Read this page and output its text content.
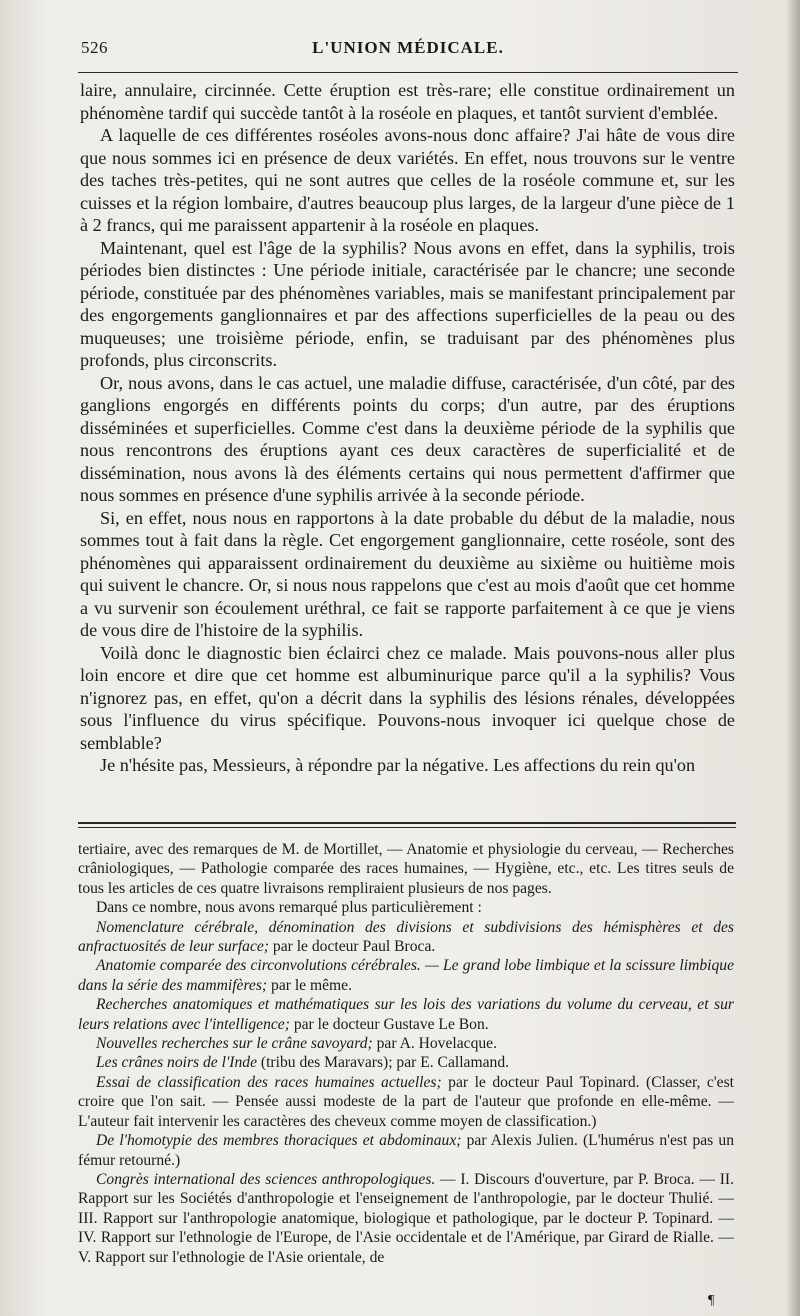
526	L'UNION MÉDICALE.

laire, annulaire, circinnée. Cette éruption est très-rare; elle constitue ordinairement un phénomène tardif qui succède tantôt à la roséole en plaques, et tantôt survient d'emblée.

A laquelle de ces différentes roséoles avons-nous donc affaire? J'ai hâte de vous dire que nous sommes ici en présence de deux variétés. En effet, nous trouvons sur le ventre des taches très-petites, qui ne sont autres que celles de la roséole commune et, sur les cuisses et la région lombaire, d'autres beaucoup plus larges, de la largeur d'une pièce de 1 à 2 francs, qui me paraissent appartenir à la roséole en plaques.

Maintenant, quel est l'âge de la syphilis? Nous avons en effet, dans la syphilis, trois périodes bien distinctes : Une période initiale, caractérisée par le chancre; une seconde période, constituée par des phénomènes variables, mais se manifestant principalement par des engorgements ganglionnaires et par des affections superficielles de la peau ou des muqueuses; une troisième période, enfin, se traduisant par des phénomènes plus profonds, plus circonscrits.

Or, nous avons, dans le cas actuel, une maladie diffuse, caractérisée, d'un côté, par des ganglions engorgés en différents points du corps; d'un autre, par des éruptions disséminées et superficielles. Comme c'est dans la deuxième période de la syphilis que nous rencontrons des éruptions ayant ces deux caractères de superficialité et de dissémination, nous avons là des éléments certains qui nous permettent d'affirmer que nous sommes en présence d'une syphilis arrivée à la seconde période.

Si, en effet, nous nous en rapportons à la date probable du début de la maladie, nous sommes tout à fait dans la règle. Cet engorgement ganglionnaire, cette roséole, sont des phénomènes qui apparaissent ordinairement du deuxième au sixième ou huitième mois qui suivent le chancre. Or, si nous nous rappelons que c'est au mois d'août que cet homme a vu survenir son écoulement uréthral, ce fait se rapporte parfaitement à ce que je viens de vous dire de l'histoire de la syphilis.

Voilà donc le diagnostic bien éclairci chez ce malade. Mais pouvons-nous aller plus loin encore et dire que cet homme est albuminurique parce qu'il a la syphilis? Vous n'ignorez pas, en effet, qu'on a décrit dans la syphilis des lésions rénales, développées sous l'influence du virus spécifique. Pouvons-nous invoquer ici quelque chose de semblable?

Je n'hésite pas, Messieurs, à répondre par la négative. Les affections du rein qu'on

tertiaire, avec des remarques de M. de Mortillet, — Anatomie et physiologie du cerveau, — Recherches crâniologiques, — Pathologie comparée des races humaines, — Hygiène, etc., etc. Les titres seuls de tous les articles de ces quatre livraisons rempliraient plusieurs de nos pages.

Dans ce nombre, nous avons remarqué plus particulièrement :

Nomenclature cérébrale, dénomination des divisions et subdivisions des hémisphères et des anfractuosités de leur surface; par le docteur Paul Broca.

Anatomie comparée des circonvolutions cérébrales. — Le grand lobe limbique et la scissure limbique dans la série des mammifères; par le même.

Recherches anatomiques et mathématiques sur les lois des variations du volume du cerveau, et sur leurs relations avec l'intelligence; par le docteur Gustave Le Bon.

Nouvelles recherches sur le crâne savoyard; par A. Hovelacque.

Les crânes noirs de l'Inde (tribu des Maravars); par E. Callamand.

Essai de classification des races humaines actuelles; par le docteur Paul Topinard. (Classer, c'est croire que l'on sait. — Pensée aussi modeste de la part de l'auteur que profonde en elle-même. — L'auteur fait intervenir les caractères des cheveux comme moyen de classification.)

De l'homotypie des membres thoraciques et abdominaux; par Alexis Julien. (L'humérus n'est pas un fémur retourné.)

Congrès international des sciences anthropologiques. — I. Discours d'ouverture, par P. Broca. — II. Rapport sur les Sociétés d'anthropologie et l'enseignement de l'anthropologie, par le docteur Thulié. — III. Rapport sur l'anthropologie anatomique, biologique et pathologique, par le docteur P. Topinard. — IV. Rapport sur l'ethnologie de l'Europe, de l'Asie occidentale et de l'Amérique, par Girard de Rialle. — V. Rapport sur l'ethnologie de l'Asie orientale, de

¶
